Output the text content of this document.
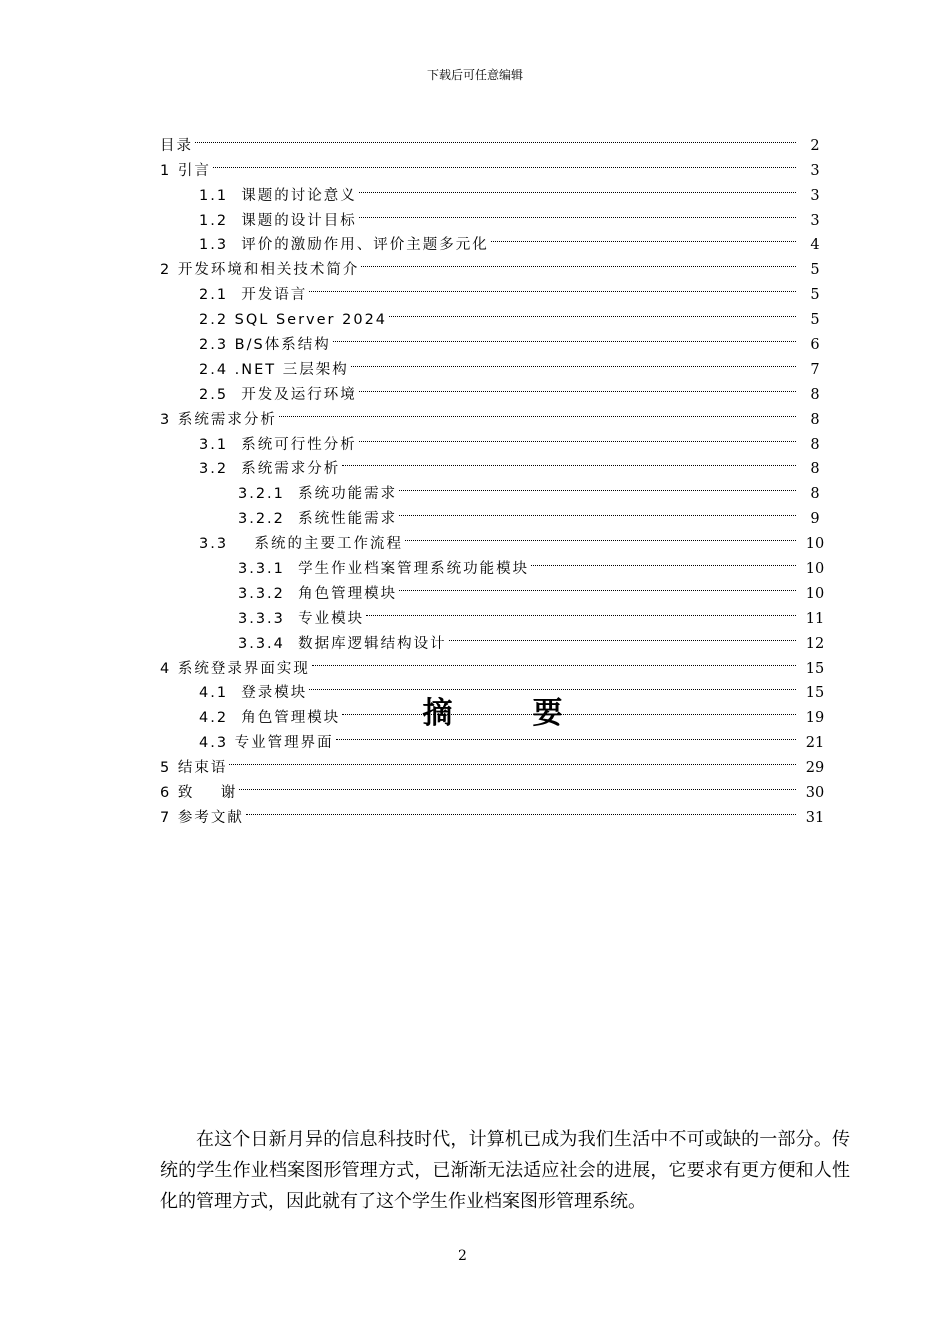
下载后可任意编辑
目录	2
1 引言	3
1.1  课题的讨论意义	3
1.2  课题的设计目标	3
1.3  评价的激励作用、评价主题多元化	4
2 开发环境和相关技术简介	5
2.1  开发语言	5
2.2 SQL Server 2024	5
2.3 B/S体系结构	6
2.4 .NET 三层架构	7
2.5  开发及运行环境	8
3 系统需求分析	8
3.1  系统可行性分析	8
3.2  系统需求分析	8
3.2.1  系统功能需求	8
3.2.2  系统性能需求	9
3.3    系统的主要工作流程	10
3.3.1  学生作业档案管理系统功能模块	10
3.3.2  角色管理模块	10
3.3.3  专业模块	11
3.3.4  数据库逻辑结构设计	12
4 系统登录界面实现	15
4.1  登录模块	15
4.2  角色管理模块	19
4.3 专业管理界面	21
5 结束语	29
6 致    谢	30
7 参考文献	31
摘	要
在这个日新月异的信息科技时代，计算机已成为我们生活中不可或缺的一部分。传统的学生作业档案图形管理方式，已渐渐无法适应社会的进展，它要求有更方便和人性化的管理方式，因此就有了这个学生作业档案图形管理系统。
2
